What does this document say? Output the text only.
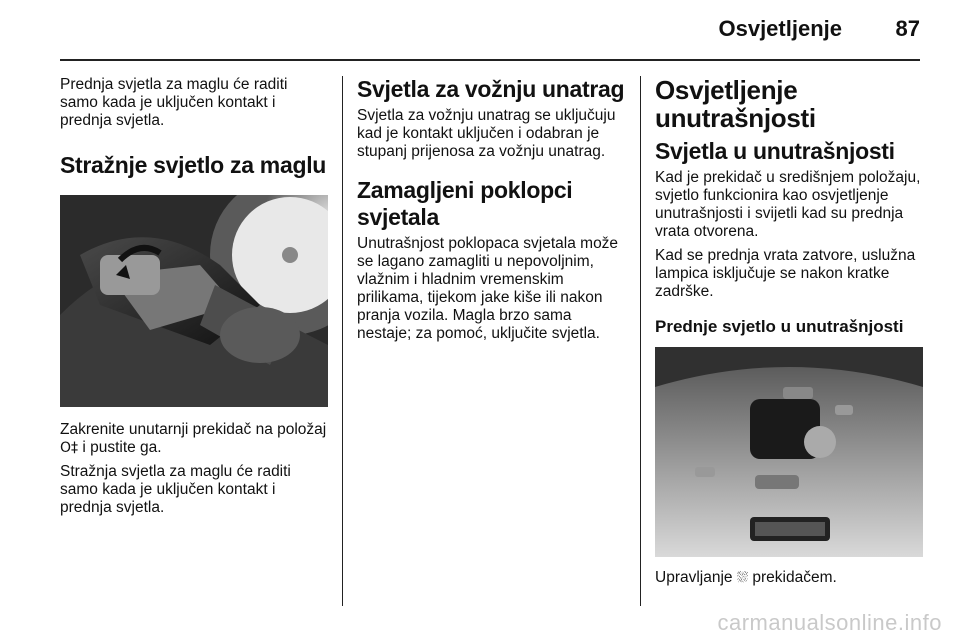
Osvjetljenje 87

Prednja svjetla za maglu će raditi samo kada je uključen kontakt i prednja svjetla.

Stražnje svjetlo za maglu

Zakrenite unutarnji prekidač na položaj O‡ i pustite ga.

Stražnja svjetla za maglu će raditi samo kada je uključen kontakt i prednja svjetla.

Svjetla za vožnju unatrag

Svjetla za vožnju unatrag se uključuju kad je kontakt uključen i odabran je stupanj prijenosa za vožnju unatrag.

Zamagljeni poklopci svjetala

Unutrašnjost poklopaca svjetala može se lagano zamagliti u nepovoljnim, vlažnim i hladnim vremenskim prilikama, tijekom jake kiše ili nakon pranja vozila. Magla brzo sama nestaje; za pomoć, uključite svjetla.

Osvjetljenje unutrašnjosti
Svjetla u unutrašnjosti

Kad je prekidač u središnjem položaju, svjetlo funkcionira kao osvjetljenje unutrašnjosti i svijetli kad su prednja vrata otvorena.

Kad se prednja vrata zatvore, uslužna lampica isključuje se nakon kratke zadrške.

Prednje svjetlo u unutrašnjosti

Upravljanje ⛆ prekidačem.

carmanualsonline.info
